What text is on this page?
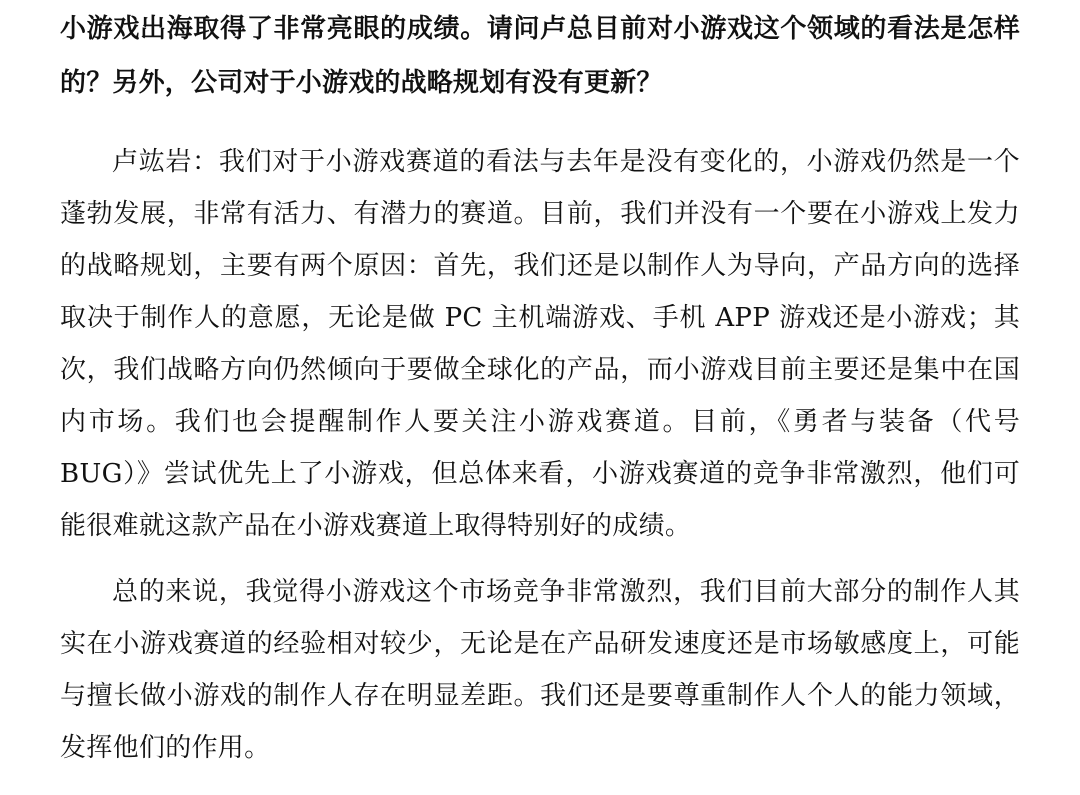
小游戏出海取得了非常亮眼的成绩。请问卢总目前对小游戏这个领域的看法是怎样的？另外，公司对于小游戏的战略规划有没有更新？

卢竑岩：我们对于小游戏赛道的看法与去年是没有变化的，小游戏仍然是一个蓬勃发展，非常有活力、有潜力的赛道。目前，我们并没有一个要在小游戏上发力的战略规划，主要有两个原因：首先，我们还是以制作人为导向，产品方向的选择取决于制作人的意愿，无论是做 PC 主机端游戏、手机 APP 游戏还是小游戏；其次，我们战略方向仍然倾向于要做全球化的产品，而小游戏目前主要还是集中在国内市场。我们也会提醒制作人要关注小游戏赛道。目前，《勇者与装备（代号 BUG）》尝试优先上了小游戏，但总体来看，小游戏赛道的竞争非常激烈，他们可能很难就这款产品在小游戏赛道上取得特别好的成绩。

总的来说，我觉得小游戏这个市场竞争非常激烈，我们目前大部分的制作人其实在小游戏赛道的经验相对较少，无论是在产品研发速度还是市场敏感度上，可能与擅长做小游戏的制作人存在明显差距。我们还是要尊重制作人个人的能力领域，发挥他们的作用。
